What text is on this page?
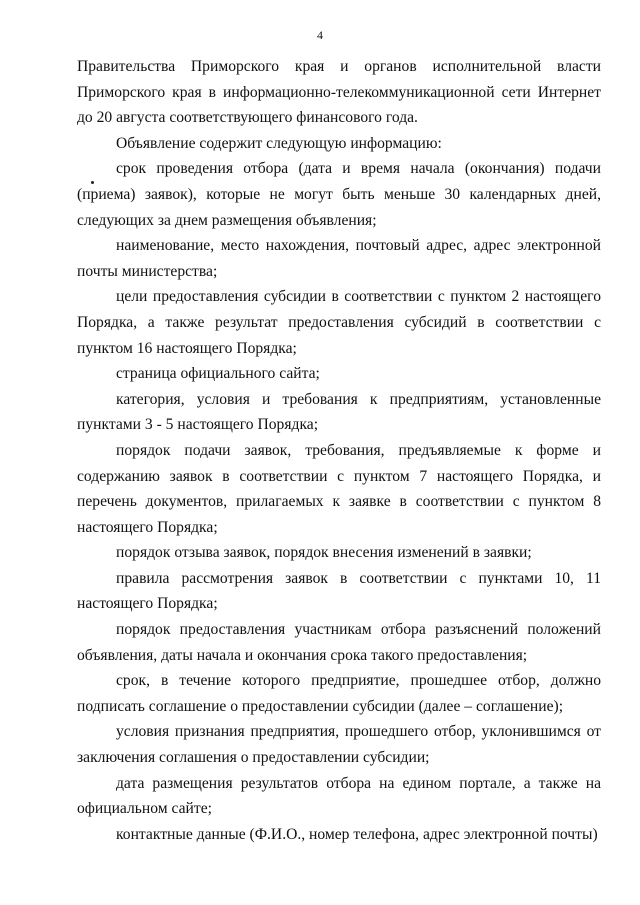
4

Правительства Приморского края и органов исполнительной власти Приморского края в информационно-телекоммуникационной сети Интернет до 20 августа соответствующего финансового года.

Объявление содержит следующую информацию:

срок проведения отбора (дата и время начала (окончания) подачи (приема) заявок), которые не могут быть меньше 30 календарных дней, следующих за днем размещения объявления;

наименование, место нахождения, почтовый адрес, адрес электронной почты министерства;

цели предоставления субсидии в соответствии с пунктом 2 настоящего Порядка, а также результат предоставления субсидий в соответствии с пунктом 16 настоящего Порядка;

страница официального сайта;

категория, условия и требования к предприятиям, установленные пунктами 3 - 5 настоящего Порядка;

порядок подачи заявок, требования, предъявляемые к форме и содержанию заявок в соответствии с пунктом 7 настоящего Порядка, и перечень документов, прилагаемых к заявке в соответствии с пунктом 8 настоящего Порядка;

порядок отзыва заявок, порядок внесения изменений в заявки;

правила рассмотрения заявок в соответствии с пунктами 10, 11 настоящего Порядка;

порядок предоставления участникам отбора разъяснений положений объявления, даты начала и окончания срока такого предоставления;

срок, в течение которого предприятие, прошедшее отбор, должно подписать соглашение о предоставлении субсидии (далее – соглашение);

условия признания предприятия, прошедшего отбор, уклонившимся от заключения соглашения о предоставлении субсидии;

дата размещения результатов отбора на едином портале, а также на официальном сайте;

контактные данные (Ф.И.О., номер телефона, адрес электронной почты)
